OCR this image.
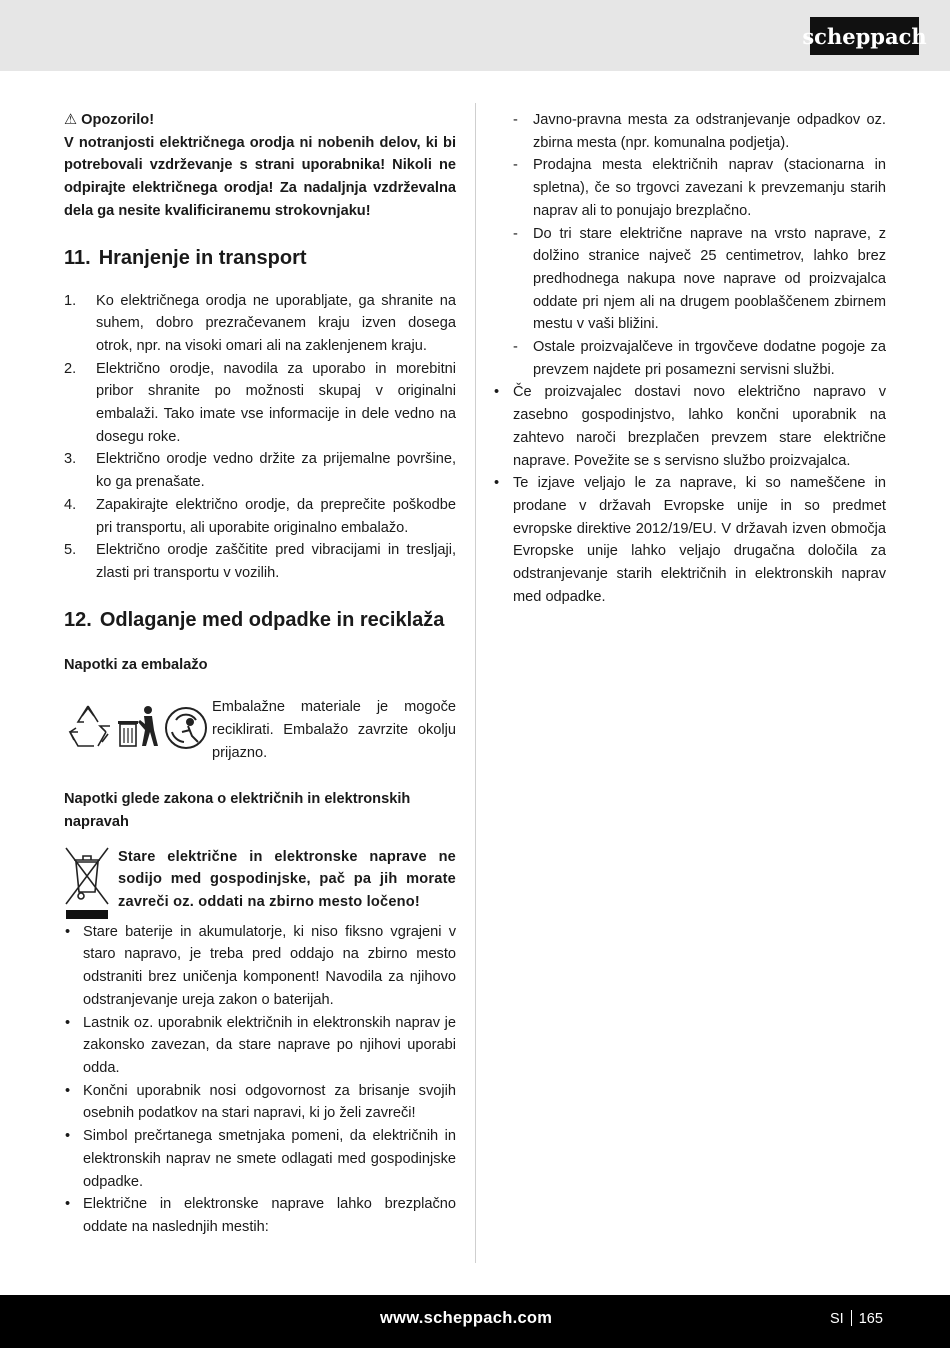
scheppach

⚠ Opozorilo!
V notranjosti električnega orodja ni nobenih delov, ki bi potrebovali vzdrževanje s strani uporabnika! Nikoli ne odpirajte električnega orodja! Za nadaljnja vzdrževalna dela ga nesite kvalificiranemu strokovnjaku!

11. Hranjenje in transport
1. Ko električnega orodja ne uporabljate, ga shranite na suhem, dobro prezračevanem kraju izven dosega otrok, npr. na visoki omari ali na zaklenjenem kraju.
2. Električno orodje, navodila za uporabo in morebitni pribor shranite po možnosti skupaj v originalni embalaži. Tako imate vse informacije in dele vedno na dosegu roke.
3. Električno orodje vedno držite za prijemalne površine, ko ga prenašate.
4. Zapakirajte električno orodje, da preprečite poškodbe pri transportu, ali uporabite originalno embalažo.
5. Električno orodje zaščitite pred vibracijami in tresljaji, zlasti pri transportu v vozilih.
12. Odlaganje med odpadke in reciklaža
Napotki za embalažo
Embalažne materiale je mogoče reciklirati. Embalažo zavrzite okolju prijazno.
Napotki glede zakona o električnih in elektronskih napravah
Stare električne in elektronske naprave ne sodijo med gospodinjske, pač pa jih morate zavreči oz. oddati na zbirno mesto ločeno!
• Stare baterije in akumulatorje, ki niso fiksno vgrajeni v staro napravo, je treba pred oddajo na zbirno mesto odstraniti brez uničenja komponent! Navodila za njihovo odstranjevanje ureja zakon o baterijah.
• Lastnik oz. uporabnik električnih in elektronskih naprav je zakonsko zavezan, da stare naprave po njihovi uporabi odda.
• Končni uporabnik nosi odgovornost za brisanje svojih osebnih podatkov na stari napravi, ki jo želi zavreči!
• Simbol prečrtanega smetnjaka pomeni, da električnih in elektronskih naprav ne smete odlagati med gospodinjske odpadke.
• Električne in elektronske naprave lahko brezplačno oddate na naslednjih mestih:
- Javno-pravna mesta za odstranjevanje odpadkov oz. zbirna mesta (npr. komunalna podjetja).
- Prodajna mesta električnih naprav (stacionarna in spletna), če so trgovci zavezani k prevzemanju starih naprav ali to ponujajo brezplačno.
- Do tri stare električne naprave na vrsto naprave, z dolžino stranice največ 25 centimetrov, lahko brez predhodnega nakupa nove naprave od proizvajalca oddate pri njem ali na drugem pooblaščenem zbirnem mestu v vaši bližini.
- Ostale proizvajalčeve in trgovčeve dodatne pogoje za prevzem najdete pri posamezni servisni službi.
• Če proizvajalec dostavi novo električno napravo v zasebno gospodinjstvo, lahko končni uporabnik na zahtevo naroči brezplačen prevzem stare električne naprave. Povežite se s servisno službo proizvajalca.
• Te izjave veljajo le za naprave, ki so nameščene in prodane v državah Evropske unije in so predmet evropske direktive 2012/19/EU. V državah izven območja Evropske unije lahko veljajo drugačna določila za odstranjevanje starih električnih in elektronskih naprav med odpadke.
www.scheppach.com	SI 165
